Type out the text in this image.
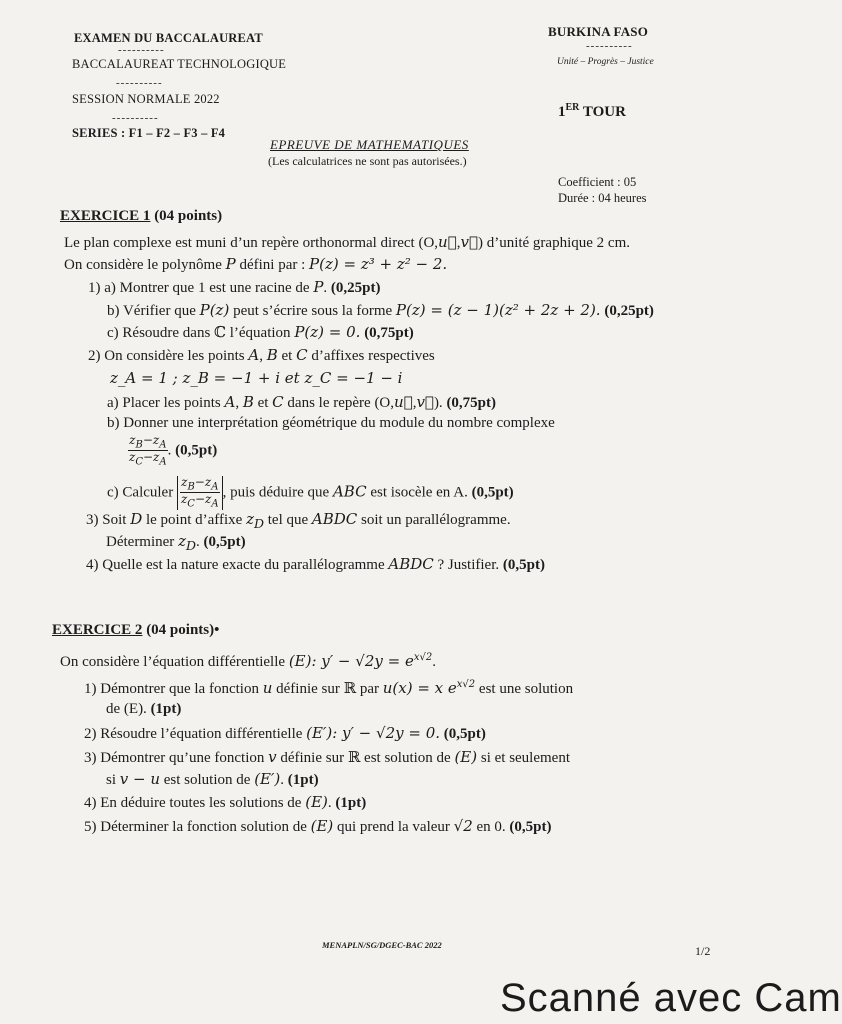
EXAMEN DU BACCALAUREAT
----------
BACCALAUREAT TECHNOLOGIQUE
----------
SESSION NORMALE 2022
----------
SERIES : F1 – F2 – F3 – F4
BURKINA FASO
----------
Unité – Progrès – Justice
1ER TOUR
EPREUVE DE MATHEMATIQUES
(Les calculatrices ne sont pas autorisées.)
Coefficient : 05
Durée : 04 heures
EXERCICE 1 (04 points)
Le plan complexe est muni d’un repère orthonormal direct (O,u⃗,v⃗) d’unité graphique 2 cm.
On considère le polynôme P défini par : P(z) = z³ + z² − 2.
1) a) Montrer que 1 est une racine de P. (0,25pt)
b) Vérifier que P(z) peut s’écrire sous la forme P(z) = (z − 1)(z² + 2z + 2). (0,25pt)
c) Résoudre dans ℂ l’équation P(z) = 0. (0,75pt)
2) On considère les points A, B et C d’affixes respectives
z_A = 1 ; z_B = −1 + i et z_C = −1 − i
a) Placer les points A, B et C dans le repère (O,u⃗,v⃗). (0,75pt)
b) Donner une interprétation géométrique du module du nombre complexe
$\frac{z_B-z_A}{z_C-z_A}$ . (0,5pt)
c) Calculer $\frac{z_B-z_A}{z_C-z_A}$ , puis déduire que ABC est isocèle en A. (0,5pt)
3) Soit D le point d’affixe $z_D$ tel que ABDC soit un parallélogramme.
Déterminer $z_D$. (0,5pt)
4) Quelle est la nature exacte du parallélogramme ABDC ? Justifier. (0,5pt)
EXERCICE 2 (04 points)•
On considère l’équation différentielle (E): $y' - √2y = e^{x√2}$.
1) Démontrer que la fonction u définie sur ℝ par u(x) = x $e^{x√2}$ est une solution
de (E). (1pt)
2) Résoudre l’équation différentielle (E′): y′ − √2y = 0. (0,5pt)
3) Démontrer qu’une fonction v définie sur ℝ est solution de (E) si et seulement
si v − u est solution de (E′). (1pt)
4) En déduire toutes les solutions de (E). (1pt)
5) Déterminer la fonction solution de (E) qui prend la valeur √2 en 0. (0,5pt)
MENAPLN/SG/DGEC-BAC 2022	1/2
Scanné avec Cam
